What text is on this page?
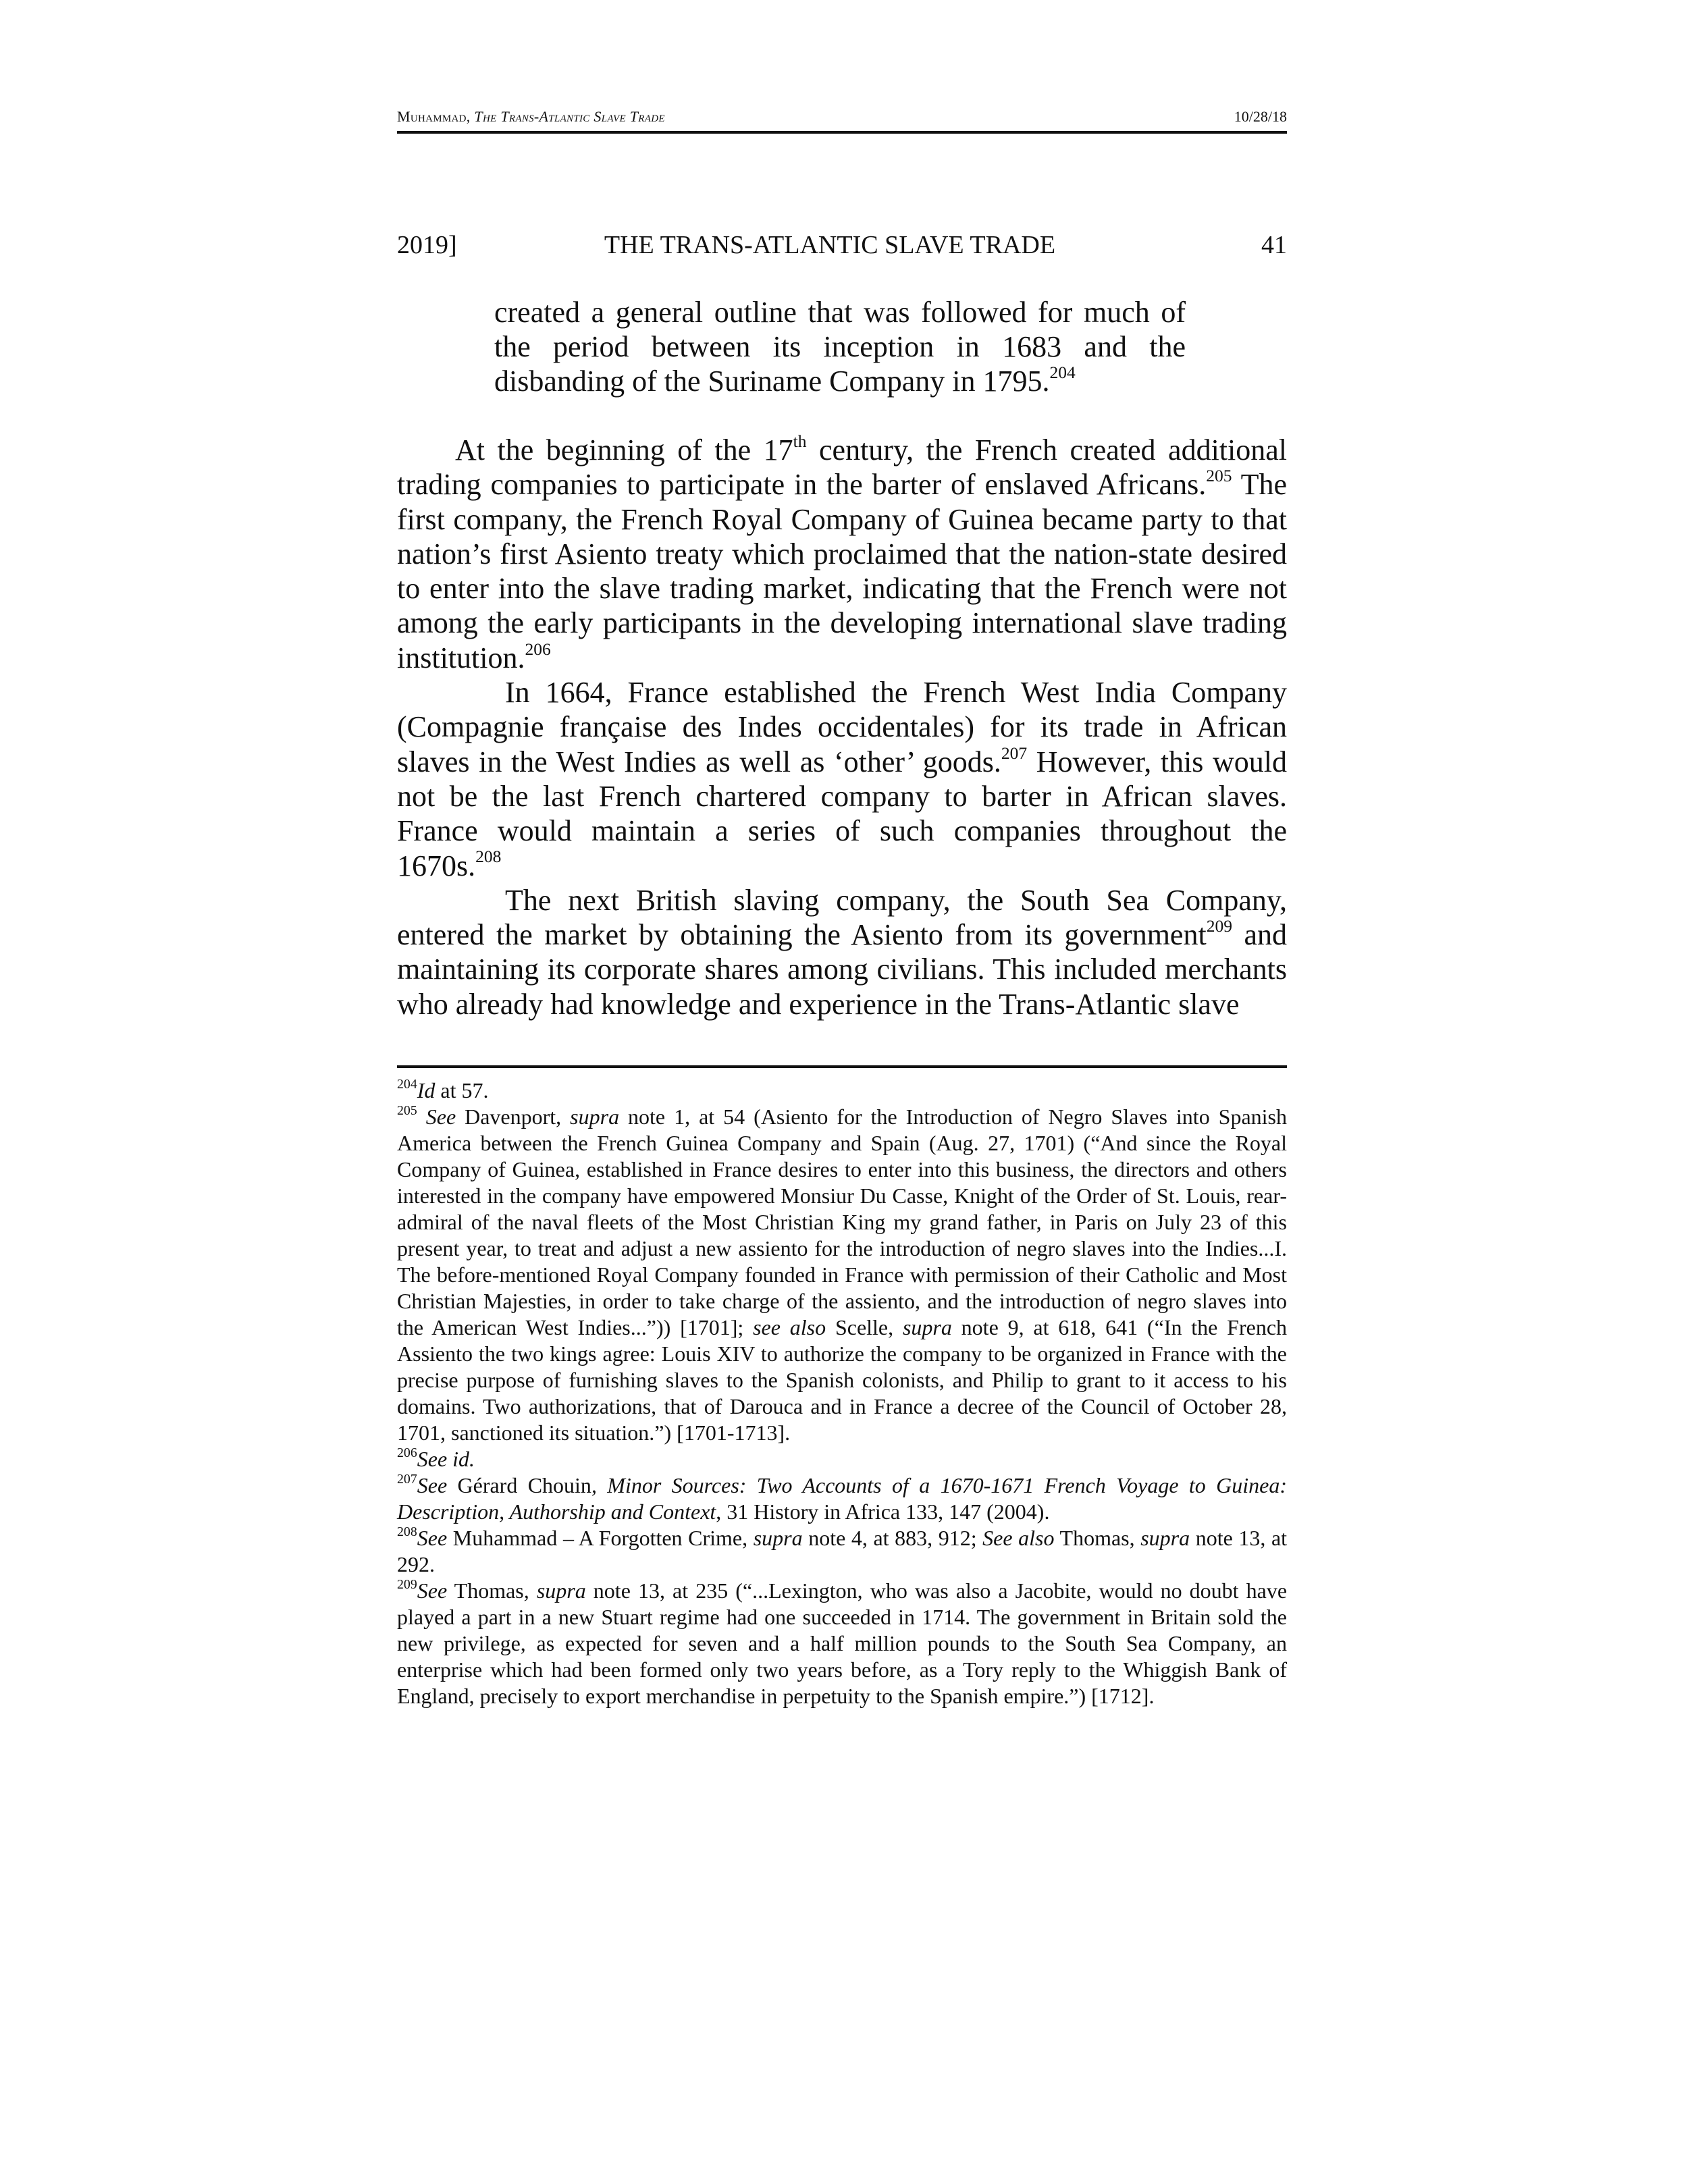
Muhammad, The Trans-Atlantic Slave Trade	10/28/18
2019]	THE TRANS-ATLANTIC SLAVE TRADE	41
created a general outline that was followed for much of the period between its inception in 1683 and the disbanding of the Suriname Company in 1795.$^{204}$

At the beginning of the 17th century, the French created additional trading companies to participate in the barter of enslaved Africans.$^{205}$ The first company, the French Royal Company of Guinea became party to that nation’s first Asiento treaty which proclaimed that the nation-state desired to enter into the slave trading market, indicating that the French were not among the early participants in the developing international slave trading institution.$^{206}$

In 1664, France established the French West India Company (Compagnie française des Indes occidentales) for its trade in African slaves in the West Indies as well as ‘other’ goods.$^{207}$ However, this would not be the last French chartered company to barter in African slaves. France would maintain a series of such companies throughout the 1670s.$^{208}$

The next British slaving company, the South Sea Company, entered the market by obtaining the Asiento from its government$^{209}$ and maintaining its corporate shares among civilians. This included merchants who already had knowledge and experience in the Trans-Atlantic slave

$^{204}$Id at 57.

$^{205}$ See Davenport, supra note 1, at 54 (Asiento for the Introduction of Negro Slaves into Spanish America between the French Guinea Company and Spain (Aug. 27, 1701) (“And since the Royal Company of Guinea, established in France desires to enter into this business, the directors and others interested in the company have empowered Monsiur Du Casse, Knight of the Order of St. Louis, rear-admiral of the naval fleets of the Most Christian King my grand father, in Paris on July 23 of this present year, to treat and adjust a new assiento for the introduction of negro slaves into the Indies...I. The before-mentioned Royal Company founded in France with permission of their Catholic and Most Christian Majesties, in order to take charge of the assiento, and the introduction of negro slaves into the American West Indies...”)) [1701]; see also Scelle, supra note 9, at 618, 641 (“In the French Assiento the two kings agree: Louis XIV to authorize the company to be organized in France with the precise purpose of furnishing slaves to the Spanish colonists, and Philip to grant to it access to his domains. Two authorizations, that of Darouca and in France a decree of the Council of October 28, 1701, sanctioned its situation.”) [1701-1713].

$^{206}$See id.

$^{207}$See Gérard Chouin, Minor Sources: Two Accounts of a 1670-1671 French Voyage to Guinea: Description, Authorship and Context, 31 History in Africa 133, 147 (2004).

$^{208}$See Muhammad – A Forgotten Crime, supra note 4, at 883, 912; See also Thomas, supra note 13, at 292.

$^{209}$See Thomas, supra note 13, at 235 (“...Lexington, who was also a Jacobite, would no doubt have played a part in a new Stuart regime had one succeeded in 1714. The government in Britain sold the new privilege, as expected for seven and a half million pounds to the South Sea Company, an enterprise which had been formed only two years before, as a Tory reply to the Whiggish Bank of England, precisely to export merchandise in perpetuity to the Spanish empire.”) [1712].
